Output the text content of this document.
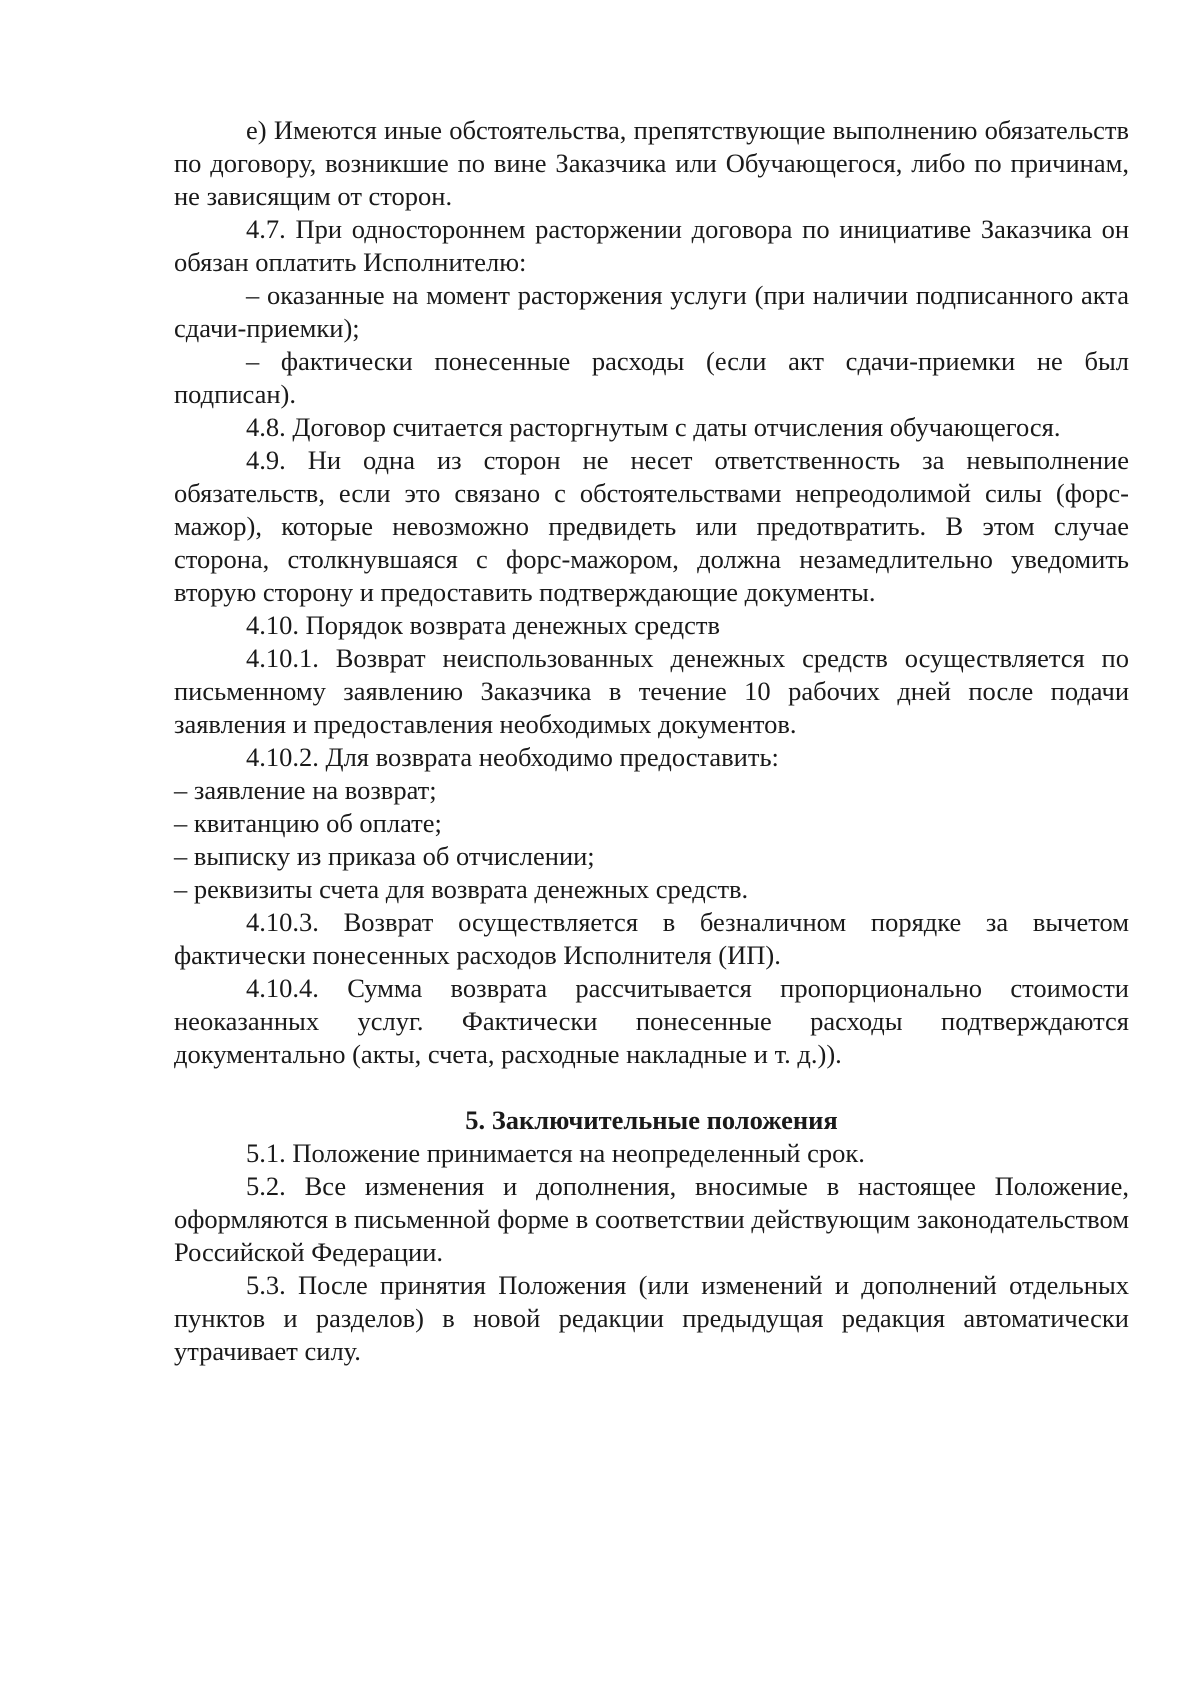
е) Имеются иные обстоятельства, препятствующие выполнению обязательств по договору, возникшие по вине Заказчика или Обучающегося, либо по причинам, не зависящим от сторон.

4.7. При одностороннем расторжении договора по инициативе Заказчика он обязан оплатить Исполнителю:

– оказанные на момент расторжения услуги (при наличии подписанного акта сдачи-приемки);

– фактически понесенные расходы (если акт сдачи-приемки не был подписан).

4.8. Договор считается расторгнутым с даты отчисления обучающегося.

4.9. Ни одна из сторон не несет ответственность за невыполнение обязательств, если это связано с обстоятельствами непреодолимой силы (форс-мажор), которые невозможно предвидеть или предотвратить. В этом случае сторона, столкнувшаяся с форс-мажором, должна незамедлительно уведомить вторую сторону и предоставить подтверждающие документы.

4.10. Порядок возврата денежных средств

4.10.1. Возврат неиспользованных денежных средств осуществляется по письменному заявлению Заказчика в течение 10 рабочих дней после подачи заявления и предоставления необходимых документов.

4.10.2. Для возврата необходимо предоставить:

– заявление на возврат;

– квитанцию об оплате;

– выписку из приказа об отчислении;

– реквизиты счета для возврата денежных средств.

4.10.3. Возврат осуществляется в безналичном порядке за вычетом фактически понесенных расходов Исполнителя (ИП).

4.10.4. Сумма возврата рассчитывается пропорционально стоимости неоказанных услуг. Фактически понесенные расходы подтверждаются документально (акты, счета, расходные накладные и т. д.)).

5. Заключительные положения

5.1. Положение принимается на неопределенный срок.

5.2. Все изменения и дополнения, вносимые в настоящее Положение, оформляются в письменной форме в соответствии действующим законодательством Российской Федерации.

5.3. После принятия Положения (или изменений и дополнений отдельных пунктов и разделов) в новой редакции предыдущая редакция автоматически утрачивает силу.
